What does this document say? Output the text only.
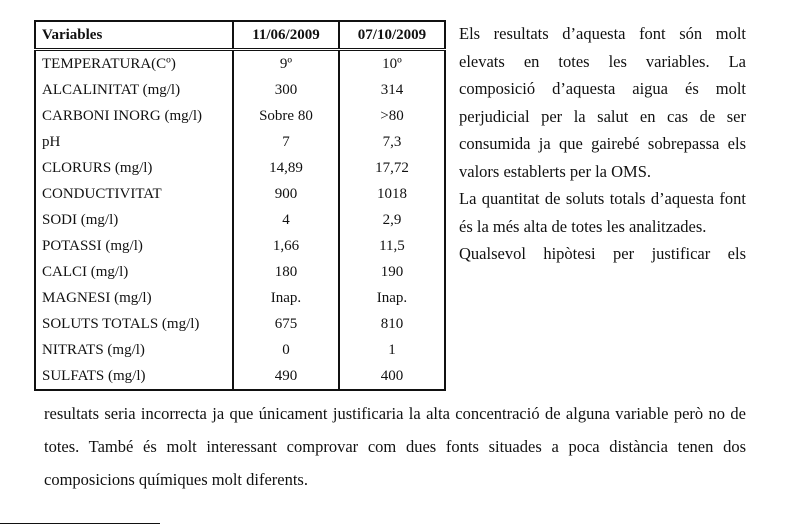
Variables	11/06/2009	07/10/2009
TEMPERATURA(Cº)	9º	10º
ALCALINITAT (mg/l)	300	314
CARBONI INORG (mg/l)	Sobre 80	>80
pH	7	7,3
CLORURS (mg/l)	14,89	17,72
CONDUCTIVITAT	900	1018
SODI (mg/l)	4	2,9
POTASSI (mg/l)	1,66	11,5
CALCI (mg/l)	180	190
MAGNESI (mg/l)	Inap.	Inap.
SOLUTS TOTALS (mg/l)	675	810
NITRATS (mg/l)	0	1
SULFATS (mg/l)	490	400

Els resultats d’aquesta font són molt elevats en totes les variables. La composició d’aquesta aigua és molt perjudicial per la salut en cas de ser consumida ja que gairebé sobrepassa els valors establerts per la OMS.

La quantitat de soluts totals d’aquesta font és la més alta de totes les analitzades.

Qualsevol hipòtesi per justificar els

resultats seria incorrecta ja que únicament justificaria la alta concentració de alguna variable però no de totes. També és molt interessant comprovar com dues fonts situades a poca distància tenen dos composicions químiques molt diferents.
